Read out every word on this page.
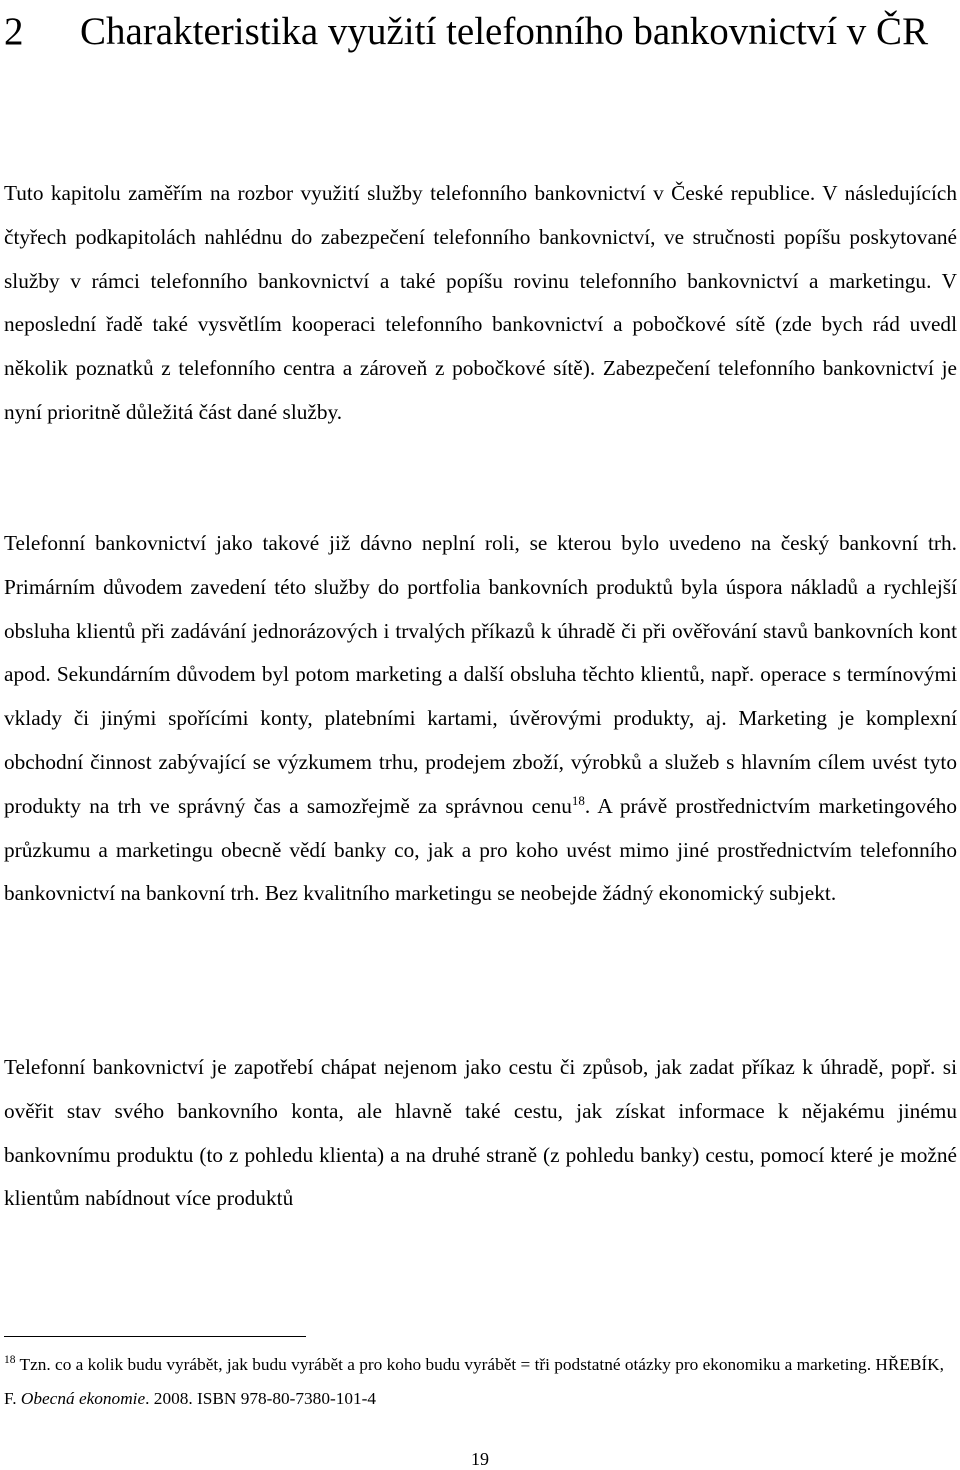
2 Charakteristika využití telefonního bankovnictví v ČR

Tuto kapitolu zaměřím na rozbor využití služby telefonního bankovnictví v České republice. V následujících čtyřech podkapitolách nahlédnu do zabezpečení telefonního bankovnictví, ve stručnosti popíšu poskytované služby v rámci telefonního bankovnictví a také popíšu rovinu telefonního bankovnictví a marketingu. V neposlední řadě také vysvětlím kooperaci telefonního bankovnictví a pobočkové sítě (zde bych rád uvedl několik poznatků z telefonního centra a zároveň z pobočkové sítě). Zabezpečení telefonního bankovnictví je nyní prioritně důležitá část dané služby.

Telefonní bankovnictví jako takové již dávno neplní roli, se kterou bylo uvedeno na český bankovní trh. Primárním důvodem zavedení této služby do portfolia bankovních produktů byla úspora nákladů a rychlejší obsluha klientů při zadávání jednorázových i trvalých příkazů k úhradě či při ověřování stavů bankovních kont apod. Sekundárním důvodem byl potom marketing a další obsluha těchto klientů, např. operace s termínovými vklady či jinými spořícími konty, platebními kartami, úvěrovými produkty, aj. Marketing je komplexní obchodní činnost zabývající se výzkumem trhu, prodejem zboží, výrobků a služeb s hlavním cílem uvést tyto produkty na trh ve správný čas a samozřejmě za správnou cenu$^{18}$. A právě prostřednictvím marketingového průzkumu a marketingu obecně vědí banky co, jak a pro koho uvést mimo jiné prostřednictvím telefonního bankovnictví na bankovní trh. Bez kvalitního marketingu se neobejde žádný ekonomický subjekt.

Telefonní bankovnictví je zapotřebí chápat nejenom jako cestu či způsob, jak zadat příkaz k úhradě, popř. si ověřit stav svého bankovního konta, ale hlavně také cestu, jak získat informace k nějakému jinému bankovnímu produktu (to z pohledu klienta) a na druhé straně (z pohledu banky) cestu, pomocí které je možné klientům nabídnout více produktů

$^{18}$ Tzn. co a kolik budu vyrábět, jak budu vyrábět a pro koho budu vyrábět = tři podstatné otázky pro ekonomiku a marketing. HŘEBÍK, F. Obecná ekonomie. 2008. ISBN 978-80-7380-101-4

19
